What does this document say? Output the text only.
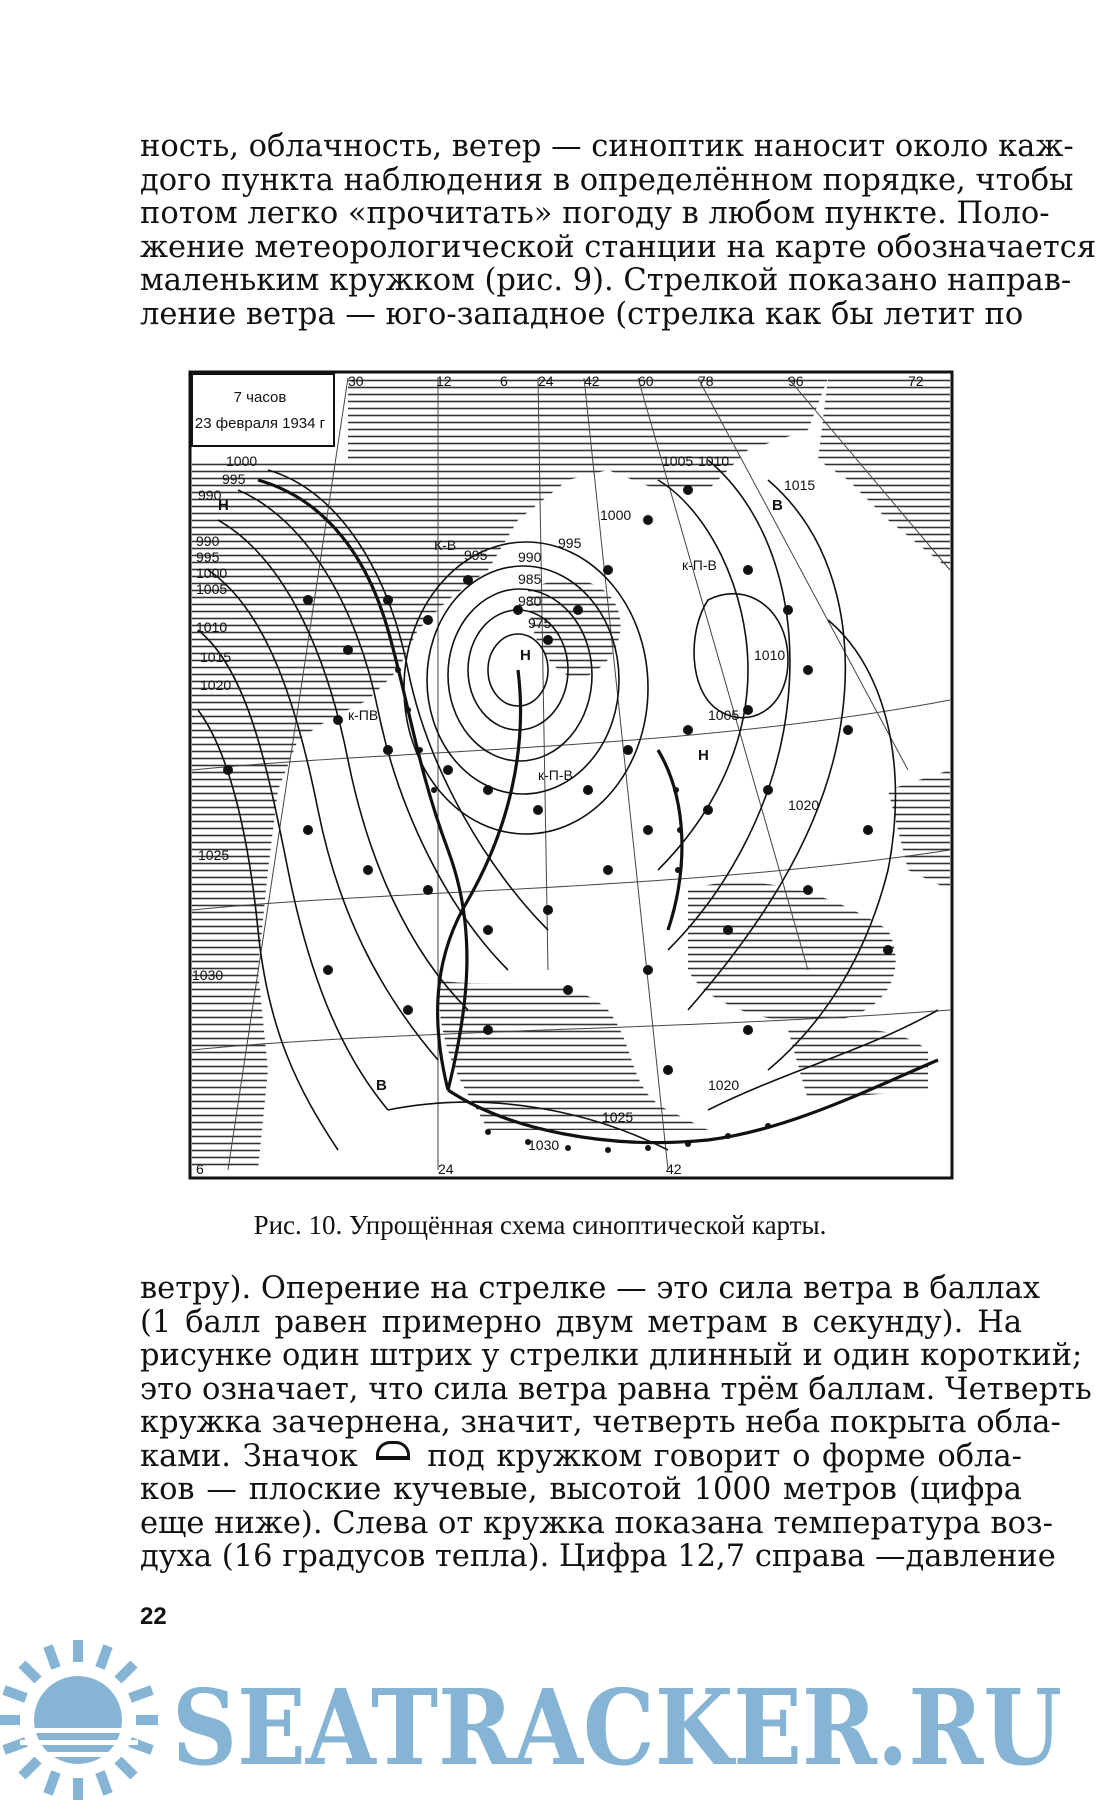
ность, облачность, ветер — синоптик наносит около каж-
дого пункта наблюдения в определённом порядке, чтобы
потом легко «прочитать» погоду в любом пункте. Поло-
жение метеорологической станции на карте обозначается
маленьким кружком (рис. 9). Стрелкой показано направ-
ление ветра — юго-западное (стрелка как бы летит по
7 часов
23 февраля 1934 г
30	12	6 24 42	60	78	96	72
6	24	42
1000
995
990
990
995
1000
1005
1010
1015
1020
1025
1030
995 990
985
980
975
1005 1010
1000
995
1015
1010
1005
1020
1025
1020
1030
Н
Н
Н
В
В
К-В
к-П-В
к-ПВ
к-П-В
Рис. 10. Упрощённая схема синоптической карты.
ветру). Оперение на стрелке — это сила ветра в баллах
(1 балл равен примерно двум метрам в секунду). На
рисунке один штрих у стрелки длинный и один короткий;
это означает, что сила ветра равна трём баллам. Четверть
кружка зачернена, значит, четверть неба покрыта обла-
ками. Значок под кружком говорит о форме обла-
ков — плоские кучевые, высотой 1000 метров (цифра
еще ниже). Слева от кружка показана температура воз-
духа (16 градусов тепла). Цифра 12,7 справа —давление
22
SEATRACKER.RU
